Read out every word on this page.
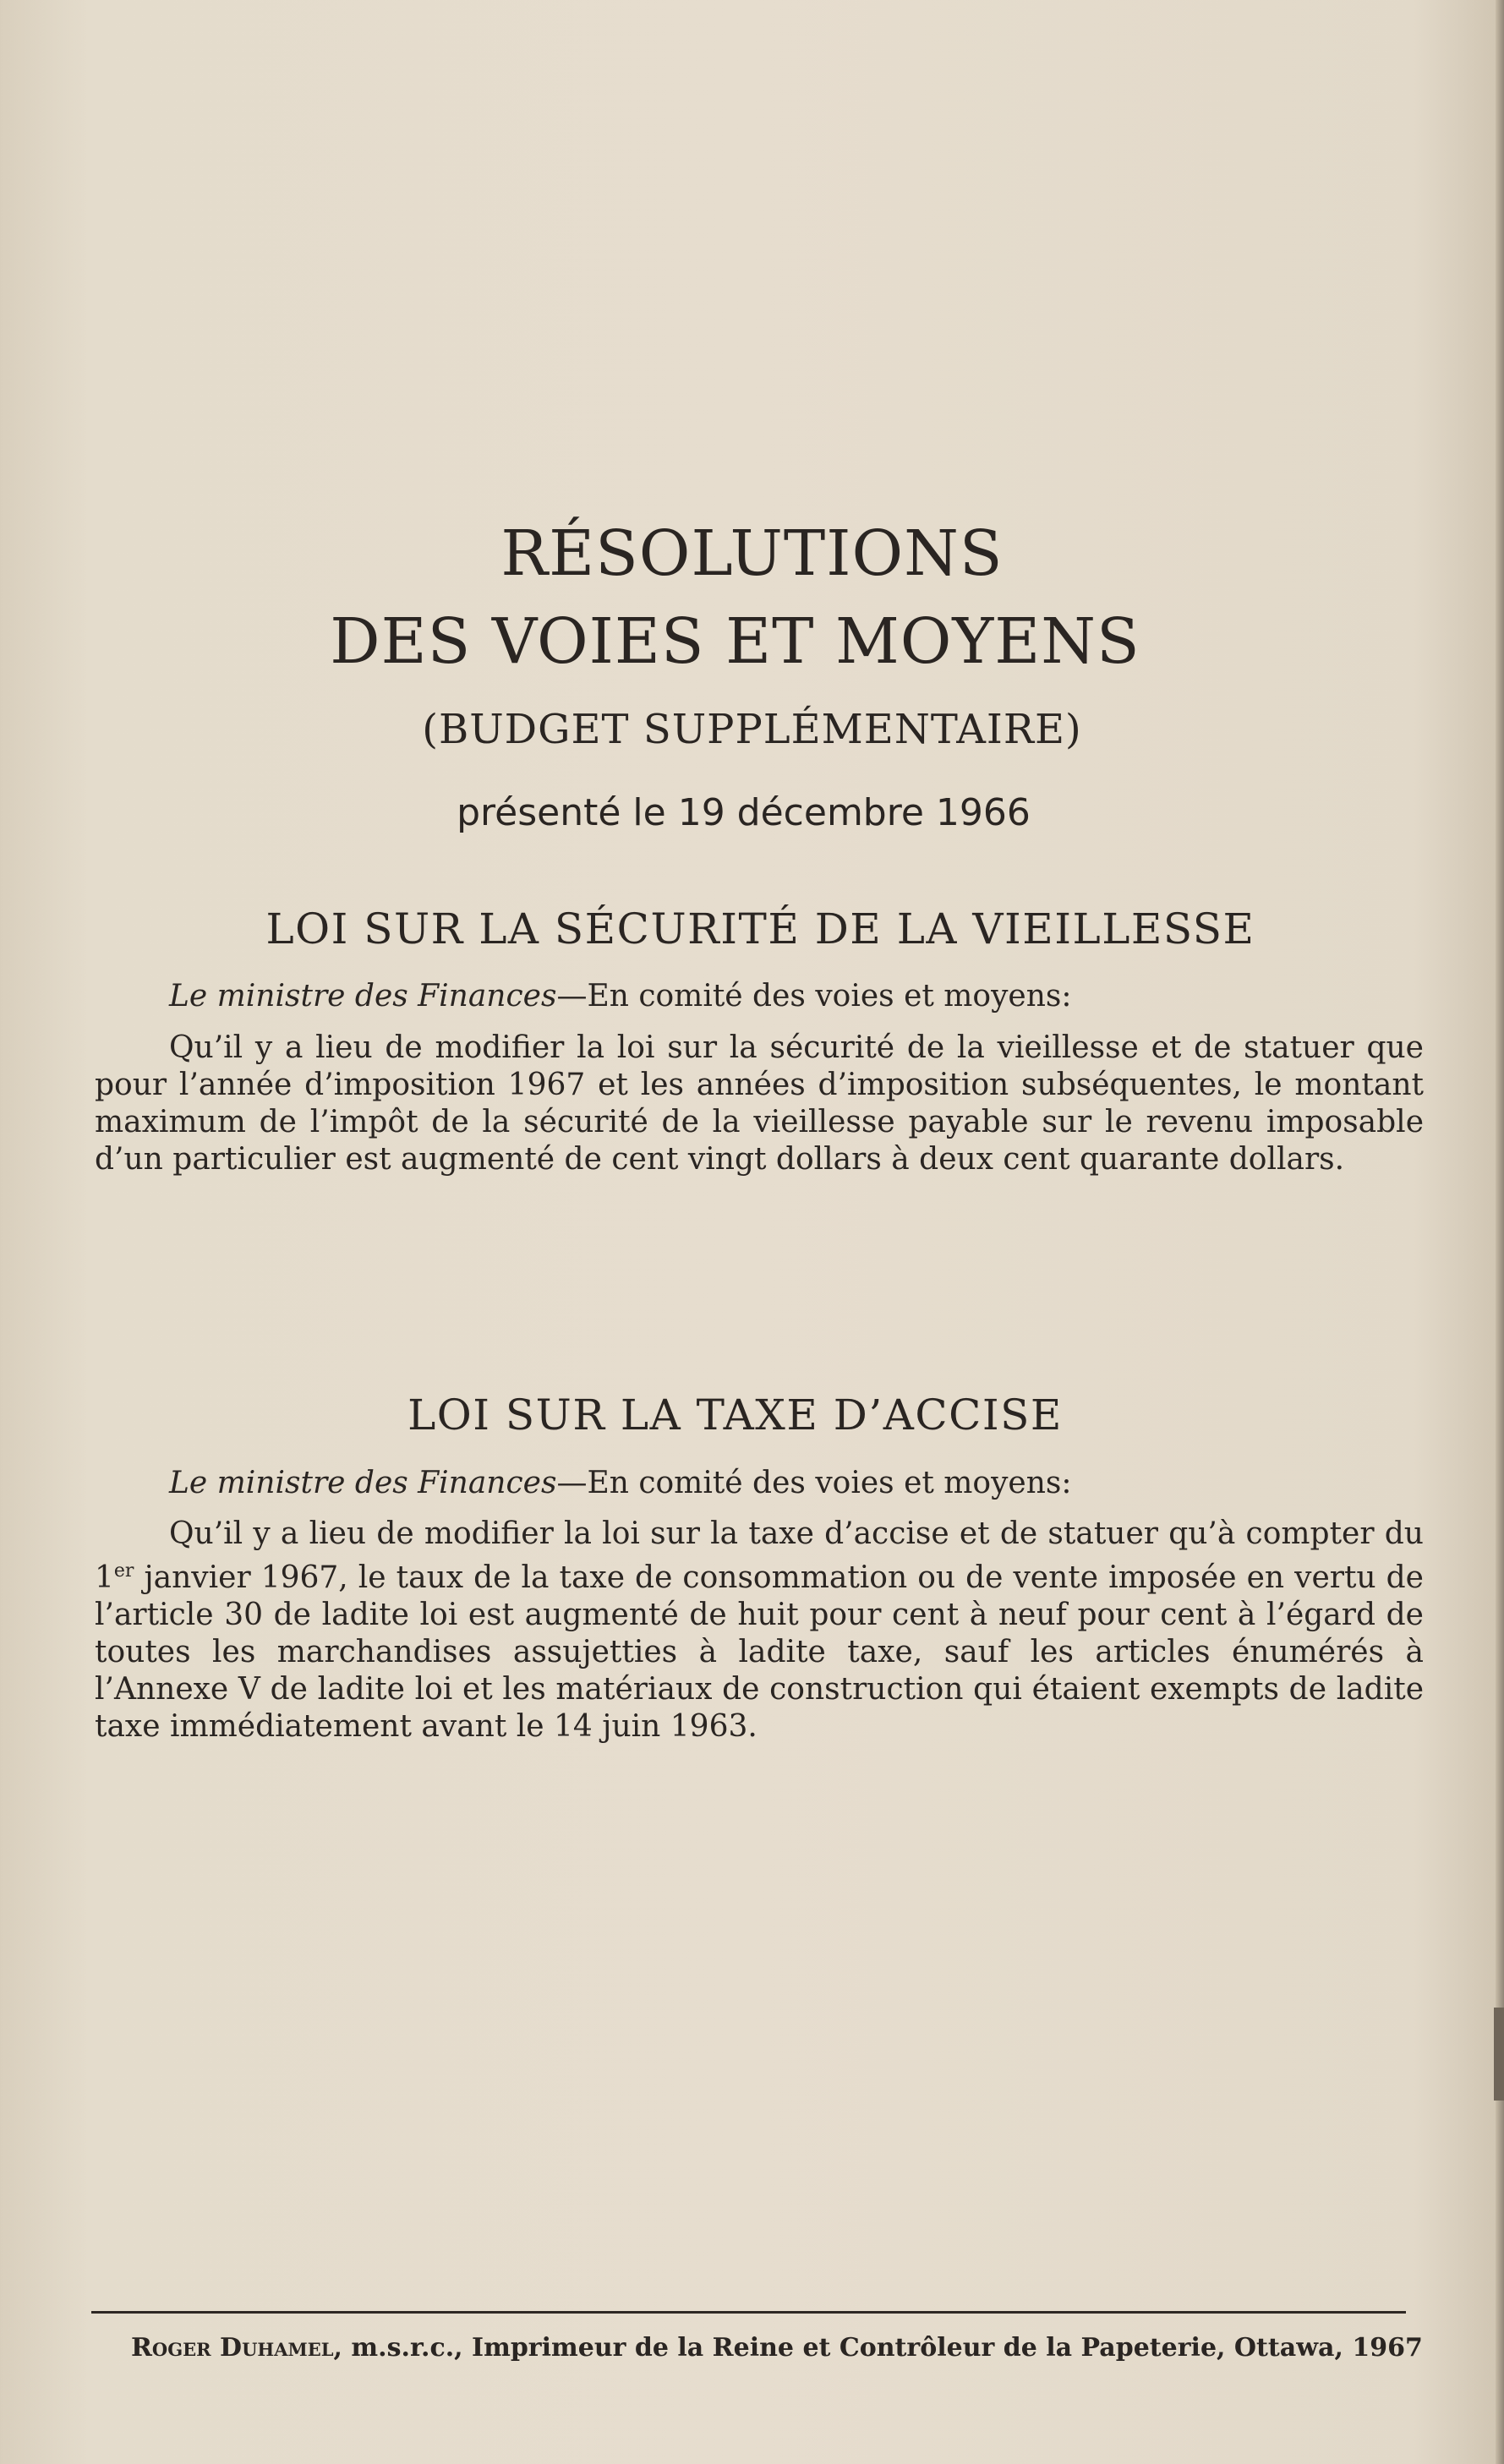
RÉSOLUTIONS
DES VOIES ET MOYENS
(BUDGET SUPPLÉMENTAIRE)
présenté le 19 décembre 1966
LOI SUR LA SÉCURITÉ DE LA VIEILLESSE
Le ministre des Finances—En comité des voies et moyens:

Qu’il y a lieu de modifier la loi sur la sécurité de la vieillesse et de statuer que pour l’année d’imposition 1967 et les années d’imposition subséquentes, le montant maximum de l’impôt de la sécurité de la vieillesse payable sur le revenu imposable d’un particulier est augmenté de cent vingt dollars à deux cent quarante dollars.

LOI SUR LA TAXE D’ACCISE
Le ministre des Finances—En comité des voies et moyens:

Qu’il y a lieu de modifier la loi sur la taxe d’accise et de statuer qu’à compter du 1er janvier 1967, le taux de la taxe de consommation ou de vente imposée en vertu de l’article 30 de ladite loi est augmenté de huit pour cent à neuf pour cent à l’égard de toutes les marchandises assujetties à ladite taxe, sauf les articles énumérés à l’Annexe V de ladite loi et les matériaux de construction qui étaient exempts de ladite taxe immédiatement avant le 14 juin 1963.

Roger Duhamel, m.s.r.c., Imprimeur de la Reine et Contrôleur de la Papeterie, Ottawa, 1967
